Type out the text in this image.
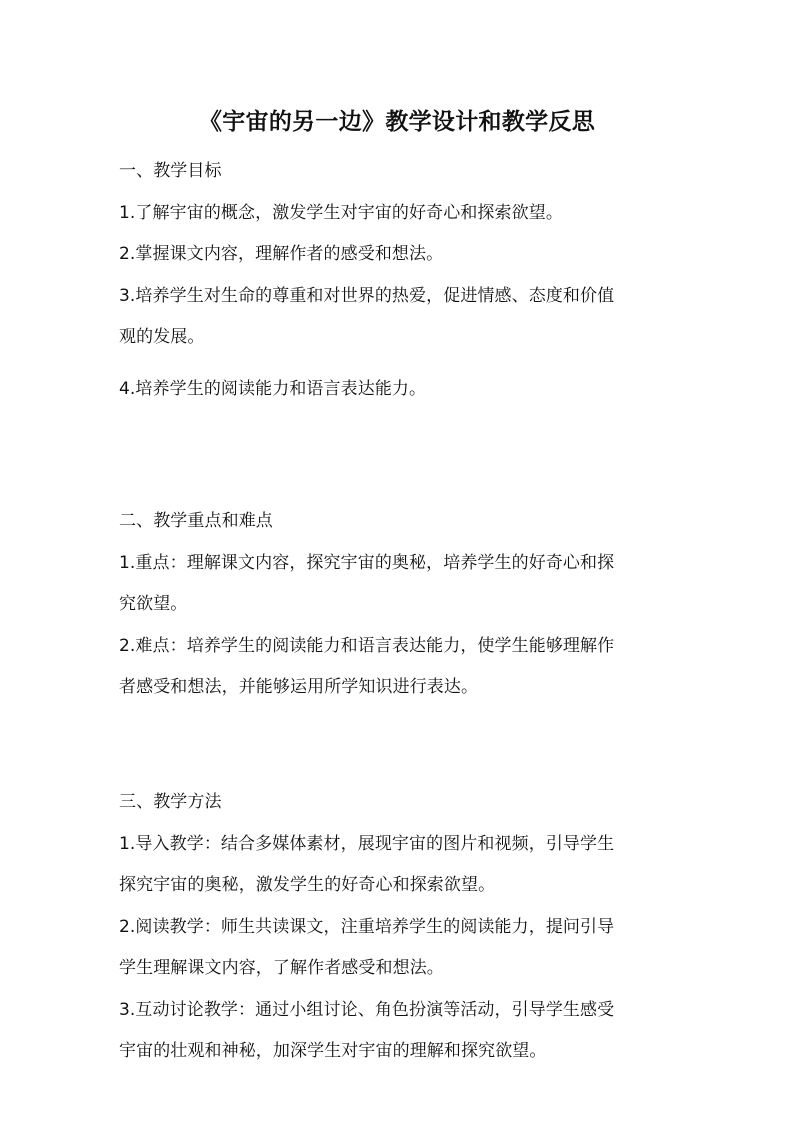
《宇宙的另一边》教学设计和教学反思
一、教学目标
1.了解宇宙的概念，激发学生对宇宙的好奇心和探索欲望。
2.掌握课文内容，理解作者的感受和想法。
3.培养学生对生命的尊重和对世界的热爱，促进情感、态度和价值
观的发展。
4.培养学生的阅读能力和语言表达能力。
二、教学重点和难点
1.重点：理解课文内容，探究宇宙的奥秘，培养学生的好奇心和探
究欲望。
2.难点：培养学生的阅读能力和语言表达能力，使学生能够理解作
者感受和想法，并能够运用所学知识进行表达。
三、教学方法
1.导入教学：结合多媒体素材，展现宇宙的图片和视频，引导学生
探究宇宙的奥秘，激发学生的好奇心和探索欲望。
2.阅读教学：师生共读课文，注重培养学生的阅读能力，提问引导
学生理解课文内容，了解作者感受和想法。
3.互动讨论教学：通过小组讨论、角色扮演等活动，引导学生感受
宇宙的壮观和神秘，加深学生对宇宙的理解和探究欲望。
